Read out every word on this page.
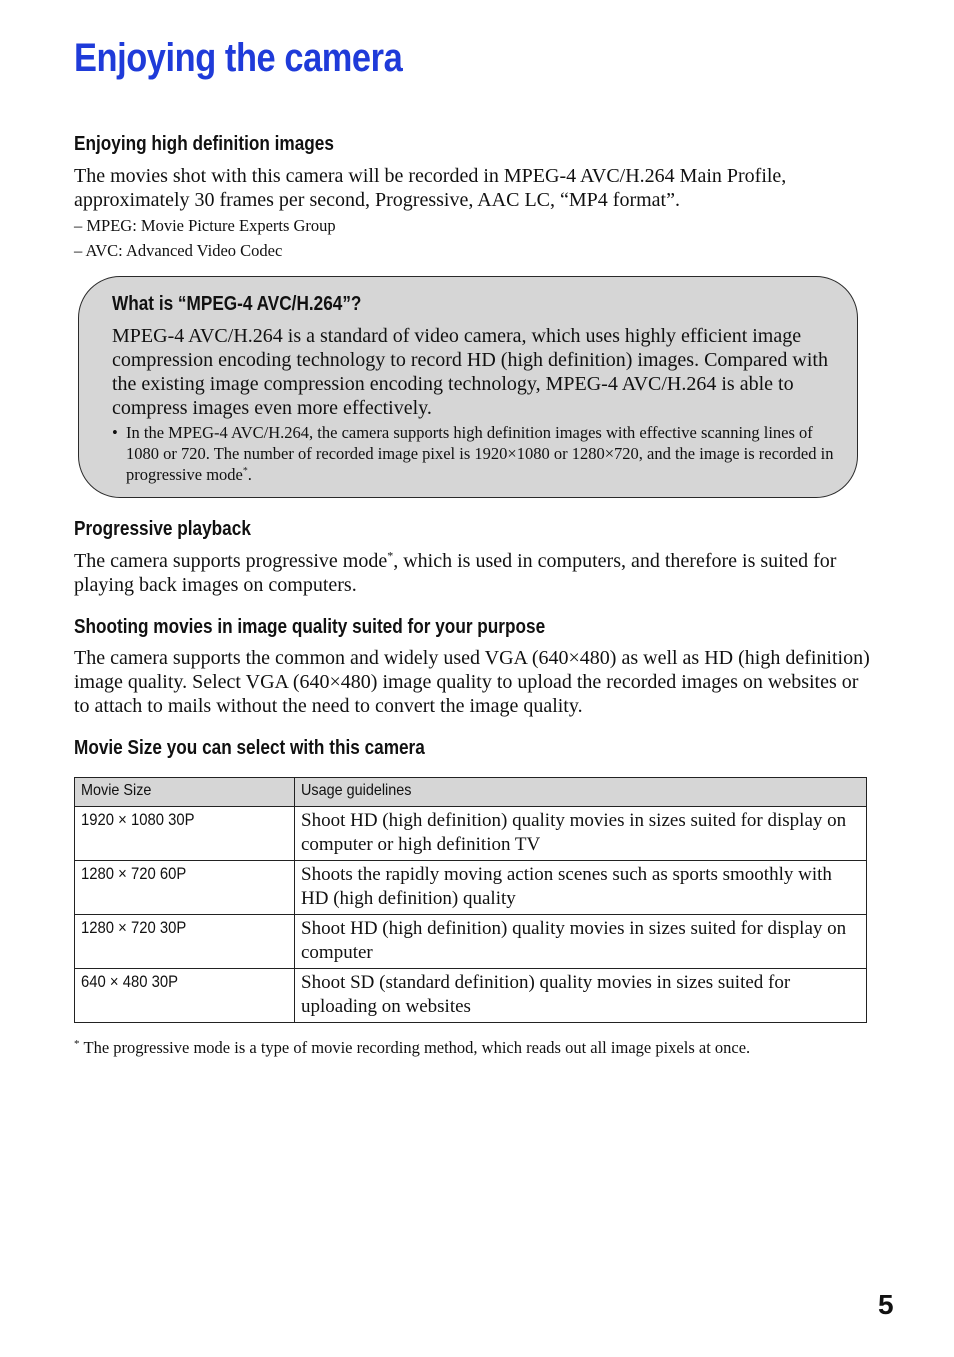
Enjoying the camera
Enjoying high definition images

The movies shot with this camera will be recorded in MPEG-4 AVC/H.264 Main Profile, approximately 30 frames per second, Progressive, AAC LC, “MP4 format”.

– MPEG: Movie Picture Experts Group

– AVC: Advanced Video Codec

What is “MPEG-4 AVC/H.264”?

MPEG-4 AVC/H.264 is a standard of video camera, which uses highly efficient image compression encoding technology to record HD (high definition) images. Compared with the existing image compression encoding technology, MPEG-4 AVC/H.264 is able to compress images even more effectively.

• In the MPEG-4 AVC/H.264, the camera supports high definition images with effective scanning lines of 1080 or 720. The number of recorded image pixel is 1920×1080 or 1280×720, and the image is recorded in progressive mode*.

Progressive playback

The camera supports progressive mode*, which is used in computers, and therefore is suited for playing back images on computers.

Shooting movies in image quality suited for your purpose

The camera supports the common and widely used VGA (640×480) as well as HD (high definition) image quality. Select VGA (640×480) image quality to upload the recorded images on websites or to attach to mails without the need to convert the image quality.

Movie Size you can select with this camera
Movie Size	Usage guidelines
1920 × 1080 30P	Shoot HD (high definition) quality movies in sizes suited for display on computer or high definition TV
1280 × 720 60P	Shoots the rapidly moving action scenes such as sports smoothly with HD (high definition) quality
1280 × 720 30P	Shoot HD (high definition) quality movies in sizes suited for display on computer
640 × 480 30P	Shoot SD (standard definition) quality movies in sizes suited for uploading on websites

* The progressive mode is a type of movie recording method, which reads out all image pixels at once.

5
